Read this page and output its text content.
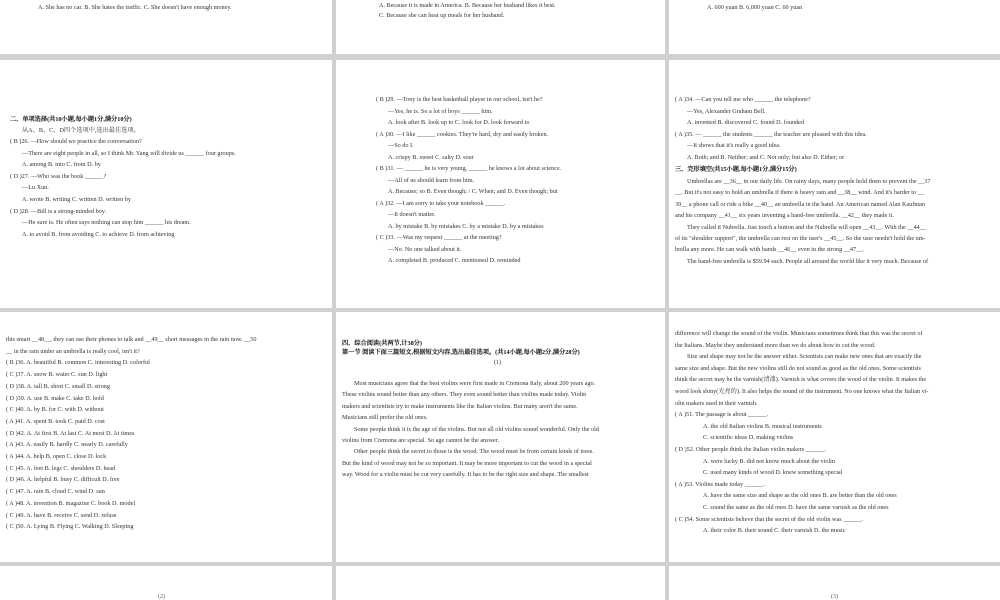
A. She has no car. B. She hates the traffic. C. She doesn't have enough money.	A. Because it is made in America. B. Because her husband likes it best.
C. Because she can heat up meals for her husband.
A. 600 yuan B. 6,000 yuan C. 60 yuan
二、单项选择(共10小题,每小题1分,满分10分)
从A、B、C、D四个选项中,选出最佳选项。
( B )26. —How should we practice the conversation?
—There are eight people in all, so I think Mr. Yang will divide us ______ four groups.
A. among B. into C. from D. by
( D )27. —Who was the book ______?
—Lu Xun.
A. wrote B. writing C. written D. written by
( D )28. —Bill is a strong-minded boy.
—He sure is. He often says nothing can stop him ______ his dream.
A. to avoid B. from avoiding C. to achieve D. from achieving
( B )29. —Tony is the best basketball player in our school, isn't he?
—Yes, he is. So a lot of boys ______ him.
A. look after B. look up to C. look for D. look forward to
( A )30. —I like ______ cookies. They're hard, dry and easily broken.
—So do I.
A. crispy B. sweet C. salty D. sour
( B )31. — ______ he is very young, ______ he knows a lot about science.
—All of us should learn from him.
A. Because; so B. Even though; / C. When; and D. Even though; but
( A )32. —I am sorry to take your notebook ______.
—It doesn't matter.
A. by mistake B. by mistakes C. by a mistake D. by a mistakes
( C )33. —Was my request ______ at the meeting?
—No. No one talked about it.
A. completed B. produced C. mentioned D. reminded
( A )34. —Can you tell me who ______ the telephone?
—Yes, Alexander Graham Bell.
A. invented B. discovered C. found D. founded
( A )35. — ______ the students ______ the teacher are pleased with this idea.
—It shows that it's really a good idea.
A. Both; and B. Neither; and C. Not only; but also D. Either; or
三、完形填空(共15小题,每小题1分,满分15分)
Umbrellas are __36__ in our daily life. On rainy days, many people hold them to prevent the __37
__. But it's not easy to hold an umbrella if there is heavy rain and __38__ wind. And it's harder to __
39__ a phone call or ride a bike __40__ an umbrella in the hand. An American named Alan Kaufman
and his company __41__ six years inventing a hand-free umbrella. __42__ they made it.
They called it Nubrella. Just touch a button and the Nubrella will open __43__. With the __44__
of its "shoulder support", the umbrella can rest on the user's __45__. So the user needn't hold the um-
brella any more. He can walk with hands __46__ even in the strong __47__.
The hand-free umbrella is $59.94 each. People all around the world like it very much. Because of
this smart __48__, they can use their phones to talk and __49__ short messages in the rain now. __50
__ in the rain under an umbrella is really cool, isn't it?
( B )36. A. beautiful B. common C. interesting D. colorful
( C )37. A. snow B. water C. sun D. light
( D )38. A. tall B. short C. small D. strong
( D )39. A. use B. make C. take D. hold
( C )40. A. by B. for C. with D. without
( A )41. A. spent B. took C. paid D. cost
( D )42. A. At first B. At last C. At most D. At times
( A )43. A. easily B. hardly C. nearly D. carefully
( A )44. A. help B. open C. close D. lock
( C )45. A. feet B. legs C. shoulders D. head
( D )46. A. helpful B. busy C. difficult D. free
( C )47. A. rain B. cloud C. wind D. sun
( A )48. A. invention B. magazine C. book D. model
( C )49. A. have B. receive C. send D. refuse
( C )50. A. Lying B. Flying C. Walking D. Sleeping
四、综合阅读(共两节,计38分)
第一节 阅读下面三篇短文,根据短文内容,选出最佳选项。(共14小题,每小题2分,满分28分)
(1)
Most musicians agree that the best violins were first made in Cremona Italy, about 200 years ago.
These violins sound better than any others. They even sound better than violins made today. Violin
makers and scientists try to make instruments like the Italian violins. But many aren't the same.
Musicians still prefer the old ones.
Some people think it is the age of the violins. But not all old violins sound wonderful. Only the old
violins from Cremona are special. So age cannot be the answer.
Other people think the secret to those is the wood. The wood must be from certain kinds of trees.
But the kind of wood may not be so important. It may be more important to cut the wood in a special
way. Wood for a violin must be cut very carefully. It has to be the right size and shape. The smallest
difference will change the sound of the violin. Musicians sometimes think that this was the secret of
the Italians. Maybe they understand more than we do about how to cut the wood.
Size and shape may not be the answer either. Scientists can make new ones that are exactly the
same size and shape. But the new violins still do not sound as good as the old ones. Some scientists
think the secret may be the varnish(清漆). Varnish is what covers the wood of the violin. It makes the
wood look shiny(光亮的). It also helps the sound of the instrument. No one knows what the Italian vi-
olin makers used in their varnish.
( A )51. The passage is about ______.
A. the old Italian violins B. musical instruments
C. scientific ideas D. making violins
( D )52. Other people think the Italian violin makers ______.
A. were lucky B. did not know much about the violin
C. used many kinds of wood D. knew something special
( A )53. Violins made today ______.
A. have the same size and shape as the old ones B. are better than the old ones
C. sound the same as the old ones D. have the same varnish as the old ones
( C )54. Some scientists believe that the secret of the old violin was ______.
A. their color B. their sound C. their varnish D. the music
(2)	(3)
